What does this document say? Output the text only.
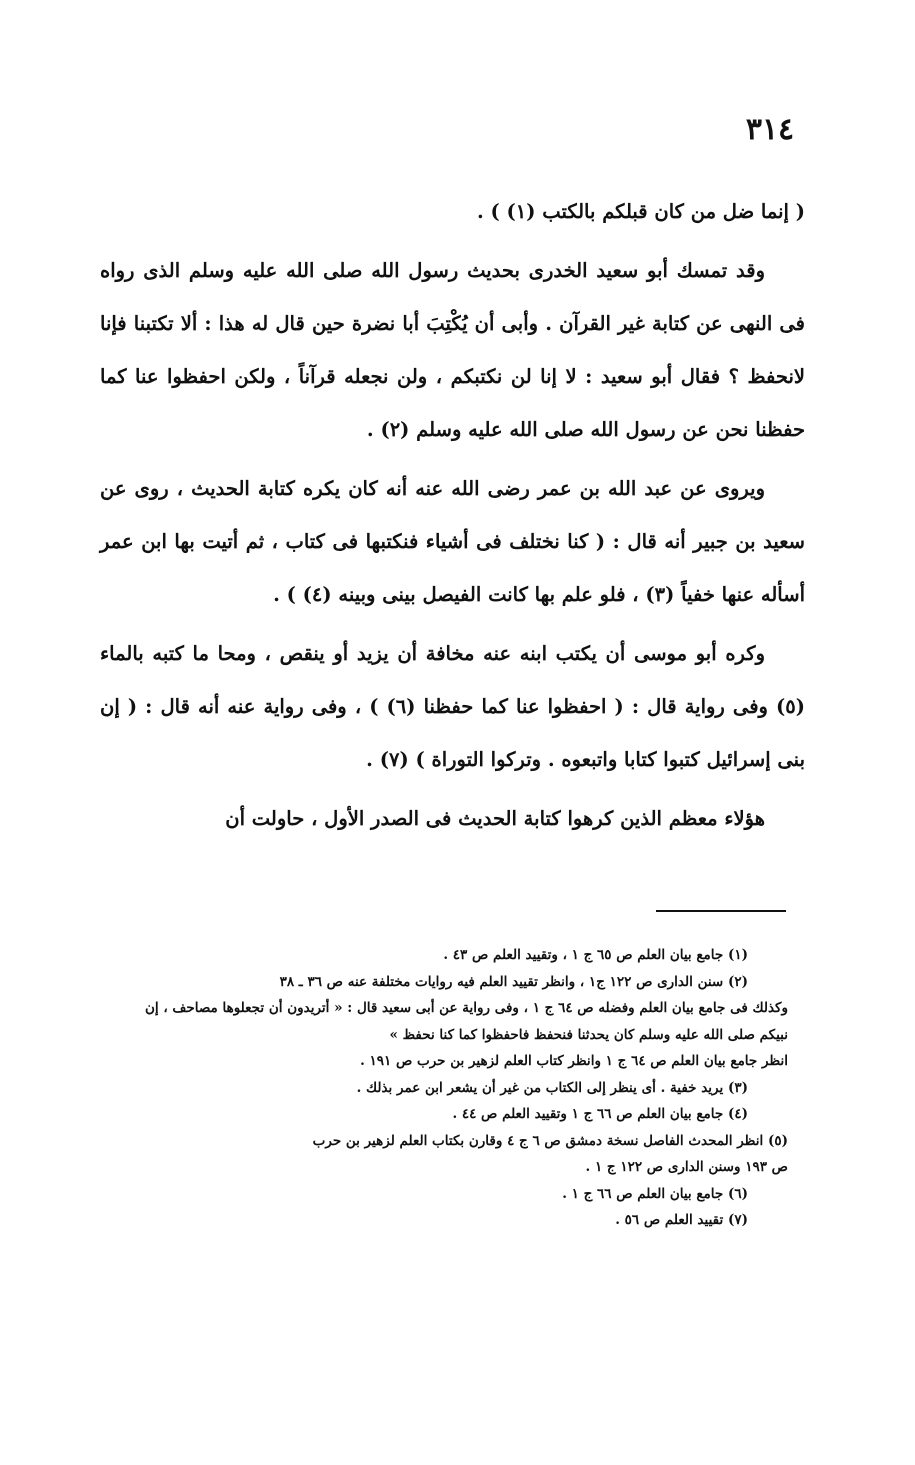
٣١٤

( إنما ضل من كان قبلكم بالكتب (١) ) .

وقد تمسك أبو سعيد الخدرى بحديث رسول الله صلى الله عليه وسلم الذى رواه فى النهى عن كتابة غير القرآن . وأبى أن يُكْتِبَ أبا نضرة حين قال له هذا : ألا تكتبنا فإنا لانحفظ ؟ فقال أبو سعيد : لا إنا لن نكتبكم ، ولن نجعله قرآناً ، ولكن احفظوا عنا كما حفظنا نحن عن رسول الله صلى الله عليه وسلم (٢) .

ويروى عن عبد الله بن عمر رضى الله عنه أنه كان يكره كتابة الحديث ، روى عن سعيد بن جبير أنه قال : ( كنا نختلف فى أشياء فنكتبها فى كتاب ، ثم أتيت بها ابن عمر أسأله عنها خفياً (٣) ، فلو علم بها كانت الفيصل بينى وبينه (٤) ) .

وكره أبو موسى أن يكتب ابنه عنه مخافة أن يزيد أو ينقص ، ومحا ما كتبه بالماء (٥) وفى رواية قال : ( احفظوا عنا كما حفظنا (٦) ) ، وفى رواية عنه أنه قال : ( إن بنى إسرائيل كتبوا كتابا واتبعوه . وتركوا التوراة ) (٧) .

هؤلاء معظم الذين كرهوا كتابة الحديث فى الصدر الأول ، حاولت أن

(١) جامع بيان العلم ص ٦٥ ج ١ ، وتقييد العلم ص ٤٣ .

(٢) سنن الدارى ص ١٢٢ ج١ ، وانظر تقييد العلم فيه روايات مختلفة عنه ص ٣٦ ـ ٣٨

وكذلك فى جامع بيان العلم وفضله ص ٦٤ ج ١ ، وفى رواية عن أبى سعيد قال : « أتريدون أن تجعلوها مصاحف ، إن نبيكم صلى الله عليه وسلم كان يحدثنا فنحفظ فاحفظوا كما كنا نحفظ »

انظر جامع بيان العلم ص ٦٤ ج ١ وانظر كتاب العلم لزهير بن حرب ص ١٩١ .

(٣) يريد خفية . أى ينظر إلى الكتاب من غير أن يشعر ابن عمر بذلك .

(٤) جامع بيان العلم ص ٦٦ ج ١ وتقييد العلم ص ٤٤ .

(٥) انظر المحدث الفاصل نسخة دمشق ص ٦ ج ٤ وقارن بكتاب العلم لزهير بن حرب

ص ١٩٣ وسنن الدارى ص ١٢٢ ج ١ .

(٦) جامع بيان العلم ص ٦٦ ج ١ .

(٧) تقييد العلم ص ٥٦ .
